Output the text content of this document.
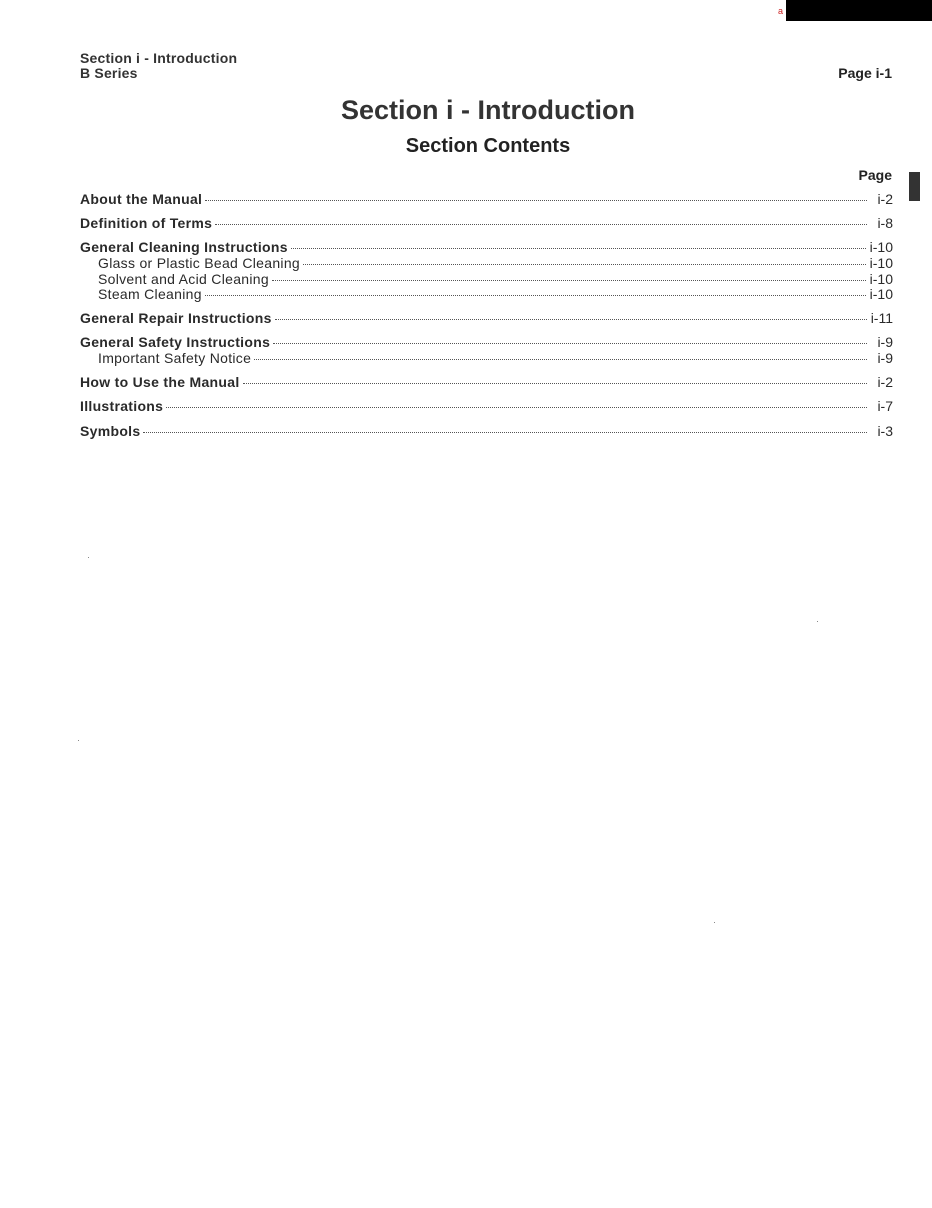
a
Section i - Introduction
B Series	Page i-1
Section i - Introduction
Section Contents
Page
About the Manual	i-2
Definition of Terms	i-8
General Cleaning Instructions	i-10
Glass or Plastic Bead Cleaning	i-10
Solvent and Acid Cleaning	i-10
Steam Cleaning	i-10
General Repair Instructions	i-11
General Safety Instructions	i-9
Important Safety Notice	i-9
How to Use the Manual	i-2
Illustrations	i-7
Symbols	i-3
